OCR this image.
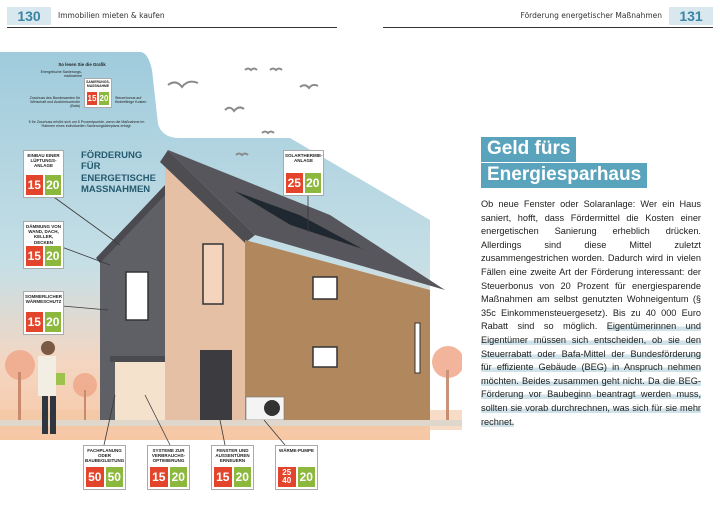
130	Immobilien mieten & kaufen	131
Förderung energetischer Maßnahmen
So lesen Sie die Grafik
Energetische Sanierungs-maßnahme
SANIERUNGS-MASSNAHME
15 20
Zuschuss des Bundesamtes für Wirtschaft und Ausfuhrkontrolle (Bafa)
Steuerbonus auf förderfähige Kosten
5 Ihr Zuschuss erhöht sich um 5 Prozentpunkte, wenn die Maßnahme im Rahmen eines individuellen Sanierungsfahrplans erfolgt.
FÖRDERUNG FÜR ENERGETISCHE MASSNAHMEN
EINBAU EINER LÜFTUNGS-ANLAGE
15 20
DÄMMUNG VON WAND, DACH, KELLER, DECKEN
15 20
SOMMERLICHER WÄRMESCHUTZ
15 20
SOLARTHERMIE-ANLAGE
25 20
FACHPLANUNG ODER BAUBEGLEITUNG
50 50
SYSTEME ZUR VERBRAUCHS-OPTIMIERUNG
15 20
FENSTER UND AUSSENTÜREN ERNEUERN
15 20
WÄRME-PUMPE
25
40 20
Geld fürs
Energiesparhaus
Ob neue Fenster oder Solaranlage: Wer ein Haus saniert, hofft, dass Fördermittel die Kosten einer energetischen Sanierung erheblich drücken. Allerdings sind diese Mittel zuletzt zusammengestrichen worden. Dadurch wird in vielen Fällen eine zweite Art der Förderung interessant: der Steuerbonus von 20 Prozent für energiesparende Maßnahmen am selbst genutzten Wohneigentum (§ 35c Einkommensteuergesetz). Bis zu 40 000 Euro Rabatt sind so möglich. Eigentümerinnen und Eigentümer müssen sich entscheiden, ob sie den Steuerrabatt oder Bafa-Mittel der Bundesförderung für effiziente Gebäude (BEG) in Anspruch nehmen möchten. Beides zusammen geht nicht. Da die BEG-Förderung vor Baubeginn beantragt werden muss, sollten sie vorab durchrechnen, was sich für sie mehr rechnet.
